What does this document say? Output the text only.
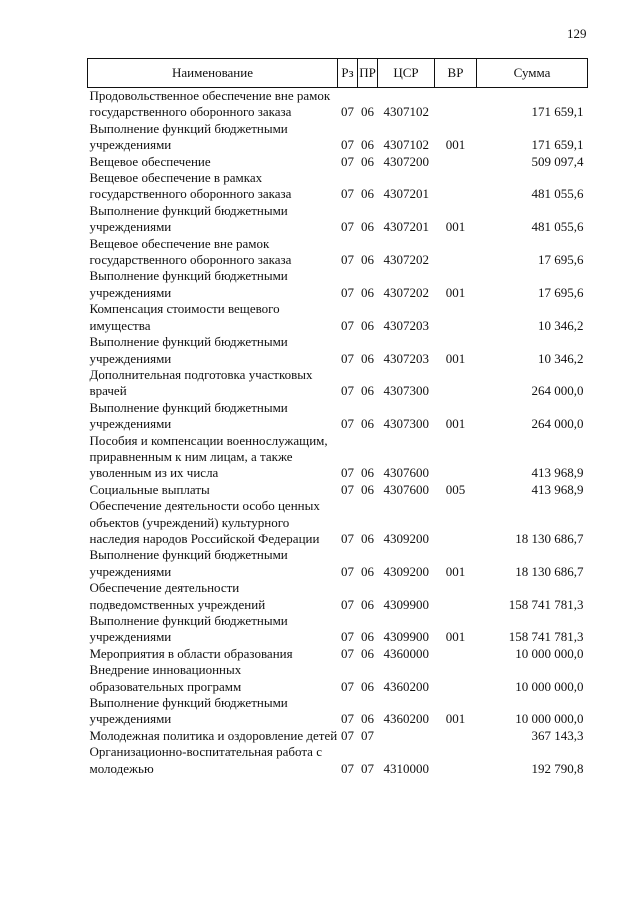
129
Наименование	Рз	ПР	ЦСР	ВР	Сумма
Продовольственное обеспечение вне рамок государственного оборонного заказа	07	06	4307102		171 659,1
Выполнение функций бюджетными учреждениями	07	06	4307102	001	171 659,1
Вещевое обеспечение	07	06	4307200		509 097,4
Вещевое обеспечение в рамках государственного оборонного заказа	07	06	4307201		481 055,6
Выполнение функций бюджетными учреждениями	07	06	4307201	001	481 055,6
Вещевое обеспечение вне рамок государственного оборонного заказа	07	06	4307202		17 695,6
Выполнение функций бюджетными учреждениями	07	06	4307202	001	17 695,6
Компенсация стоимости вещевого имущества	07	06	4307203		10 346,2
Выполнение функций бюджетными учреждениями	07	06	4307203	001	10 346,2
Дополнительная подготовка участковых врачей	07	06	4307300		264 000,0
Выполнение функций бюджетными учреждениями	07	06	4307300	001	264 000,0
Пособия и компенсации военнослужащим, приравненным к ним лицам, а также уволенным из их числа	07	06	4307600		413 968,9
Социальные выплаты	07	06	4307600	005	413 968,9
Обеспечение деятельности особо ценных объектов (учреждений) культурного наследия народов Российской Федерации	07	06	4309200		18 130 686,7
Выполнение функций бюджетными учреждениями	07	06	4309200	001	18 130 686,7
Обеспечение деятельности подведомственных учреждений	07	06	4309900		158 741 781,3
Выполнение функций бюджетными учреждениями	07	06	4309900	001	158 741 781,3
Мероприятия в области образования	07	06	4360000		10 000 000,0
Внедрение инновационных образовательных программ	07	06	4360200		10 000 000,0
Выполнение функций бюджетными учреждениями	07	06	4360200	001	10 000 000,0
Молодежная политика и оздоровление детей	07	07			367 143,3
Организационно-воспитательная работа с молодежью	07	07	4310000		192 790,8
